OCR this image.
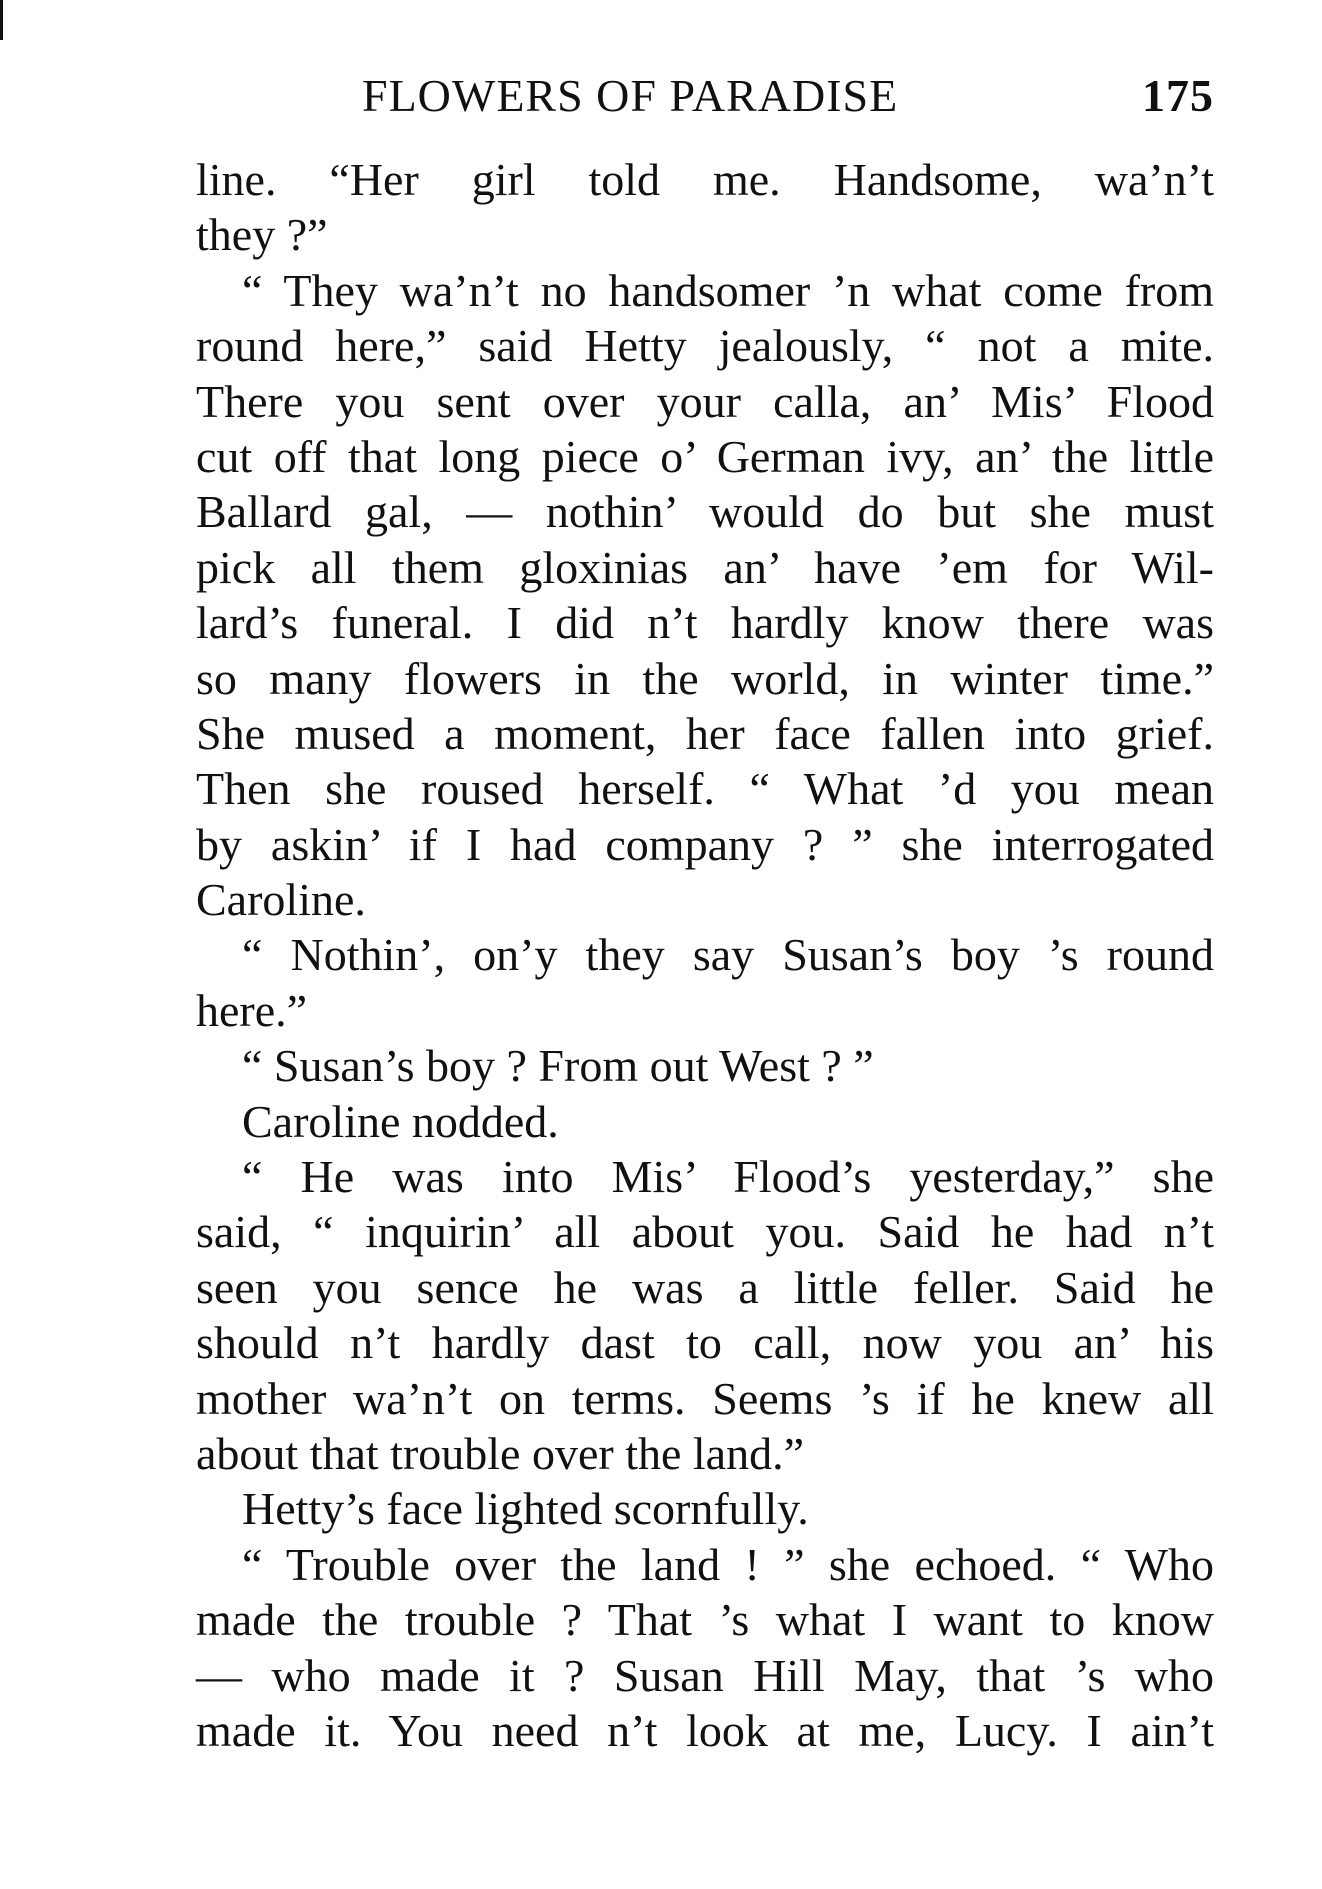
FLOWERS OF PARADISE	175
line. “Her girl told me. Handsome, wa’n’t
they ?”
“ They wa’n’t no handsomer ’n what come from
round here,” said Hetty jealously, “ not a mite.
There you sent over your calla, an’ Mis’ Flood
cut off that long piece o’ German ivy, an’ the little
Ballard gal, — nothin’ would do but she must
pick all them gloxinias an’ have ’em for Wil-
lard’s funeral. I did n’t hardly know there was
so many flowers in the world, in winter time.”
She mused a moment, her face fallen into grief.
Then she roused herself. “ What ’d you mean
by askin’ if I had company ? ” she interrogated
Caroline.
“ Nothin’, on’y they say Susan’s boy ’s round
here.”
“ Susan’s boy ? From out West ? ”
Caroline nodded.
“ He was into Mis’ Flood’s yesterday,” she
said, “ inquirin’ all about you. Said he had n’t
seen you sence he was a little feller. Said he
should n’t hardly dast to call, now you an’ his
mother wa’n’t on terms. Seems ’s if he knew all
about that trouble over the land.”
Hetty’s face lighted scornfully.
“ Trouble over the land ! ” she echoed. “ Who
made the trouble ? That ’s what I want to know
— who made it ? Susan Hill May, that ’s who
made it. You need n’t look at me, Lucy. I ain’t
